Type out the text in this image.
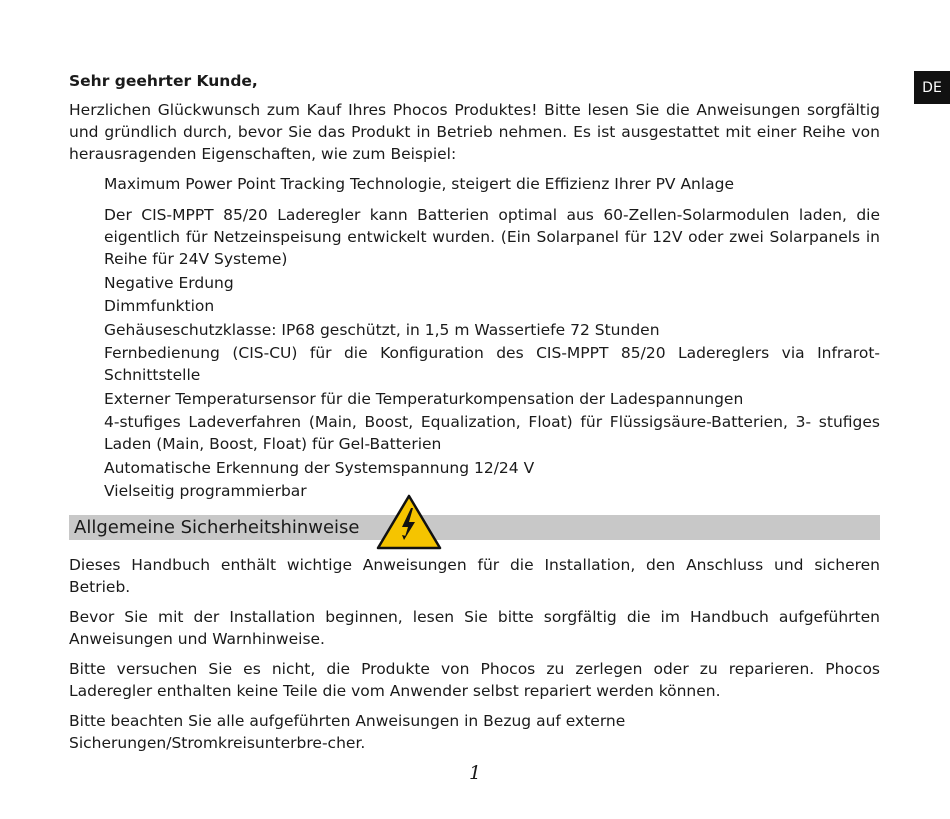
DE

Sehr geehrter Kunde,

Herzlichen Glückwunsch zum Kauf Ihres Phocos Produktes! Bitte lesen Sie die Anweisungen sorgfältig und gründlich durch, bevor Sie das Produkt in Betrieb nehmen. Es ist ausgestattet mit einer Reihe von herausragenden Eigenschaften, wie zum Beispiel:

Maximum Power Point Tracking Technologie, steigert die Effizienz Ihrer PV Anlage
Der CIS-MPPT 85/20 Laderegler kann Batterien optimal aus 60-Zellen-Solarmodulen laden, die eigentlich für Netzeinspeisung entwickelt wurden. (Ein Solarpanel für 12V oder zwei Solarpanels in Reihe für 24V Systeme)
Negative Erdung
Dimmfunktion
Gehäuseschutzklasse: IP68 geschützt, in 1,5 m Wassertiefe 72 Stunden
Fernbedienung (CIS-CU) für die Konfiguration des CIS-MPPT 85/20 Ladereglers via Infrarot-Schnittstelle
Externer Temperatursensor für die Temperaturkompensation der Ladespannungen
4-stufiges Ladeverfahren (Main, Boost, Equalization, Float) für Flüssigsäure-Batterien, 3- stufiges Laden (Main, Boost, Float) für Gel-Batterien
Automatische Erkennung der Systemspannung 12/24 V
Vielseitig programmierbar
Allgemeine Sicherheitshinweise

Dieses Handbuch enthält wichtige Anweisungen für die Installation, den Anschluss und sicheren Betrieb.

Bevor Sie mit der Installation beginnen, lesen Sie bitte sorgfältig die im Handbuch aufgeführten Anweisungen und Warnhinweise.

Bitte versuchen Sie es nicht, die Produkte von Phocos zu zerlegen oder zu reparieren. Phocos Laderegler enthalten keine Teile die vom Anwender selbst repariert werden können.

Bitte beachten Sie alle aufgeführten Anweisungen in Bezug auf externe Sicherungen/Stromkreisunterbre-cher.

1
